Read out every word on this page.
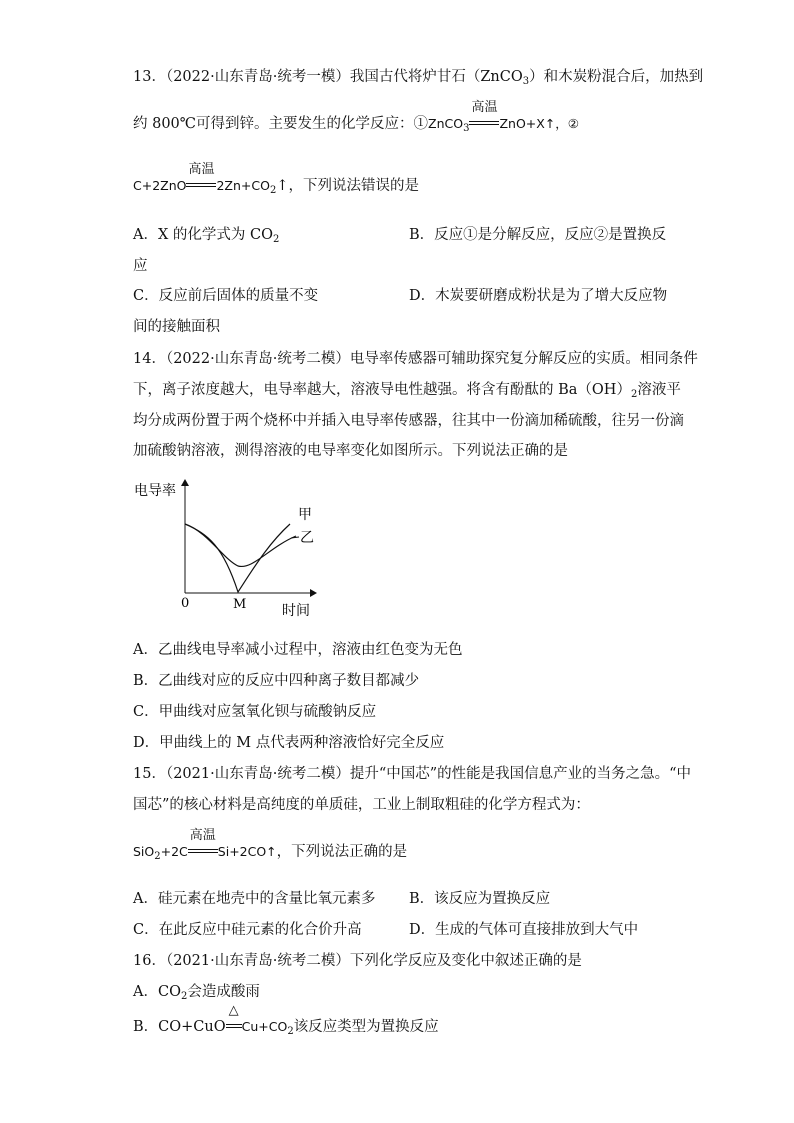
13．（2022·山东青岛·统考一模）我国古代将炉甘石（ZnCO$_3$）和木炭粉混合后，加热到
约 800℃可得到锌。主要发生的化学反应：①ZnCO$_3$
高温
ZnO+X↑，②
C+2ZnO
高温
$2Zn+CO_2↑$，下列说法错误的是
A．X 的化学式为 $CO_2$	B．反应①是分解反应，反应②是置换反
应
C．反应前后固体的质量不变	D．木炭要研磨成粉状是为了增大反应物
间的接触面积
14．（2022·山东青岛·统考二模）电导率传感器可辅助探究复分解反应的实质。相同条件
下，离子浓度越大，电导率越大，溶液导电性越强。将含有酚酞的 $Ba(OH)_2$溶液平
均分成两份置于两个烧杯中并插入电导率传感器，往其中一份滴加稀硫酸，往另一份滴
加硫酸钠溶液，测得溶液的电导率变化如图所示。下列说法正确的是
电导率
时间
0	M
甲
乙
A．乙曲线电导率减小过程中，溶液由红色变为无色
B．乙曲线对应的反应中四种离子数目都减少
C．甲曲线对应氢氧化钡与硫酸钠反应
D．甲曲线上的 M 点代表两种溶液恰好完全反应
15．（2021·山东青岛·统考二模）提升“中国芯”的性能是我国信息产业的当务之急。“中
国芯”的核心材料是高纯度的单质硅，工业上制取粗硅的化学方程式为：
SiO$_2$+2C
高温
Si+2CO↑，下列说法正确的是
A．硅元素在地壳中的含量比氧元素多 B．该反应为置换反应
C．在此反应中硅元素的化合价升高	D．生成的气体可直接排放到大气中
16．（2021·山东青岛·统考二模）下列化学反应及变化中叙述正确的是
A．$CO_2$会造成酸雨
B．CO+CuO
△
$Cu+CO_2$该反应类型为置换反应
